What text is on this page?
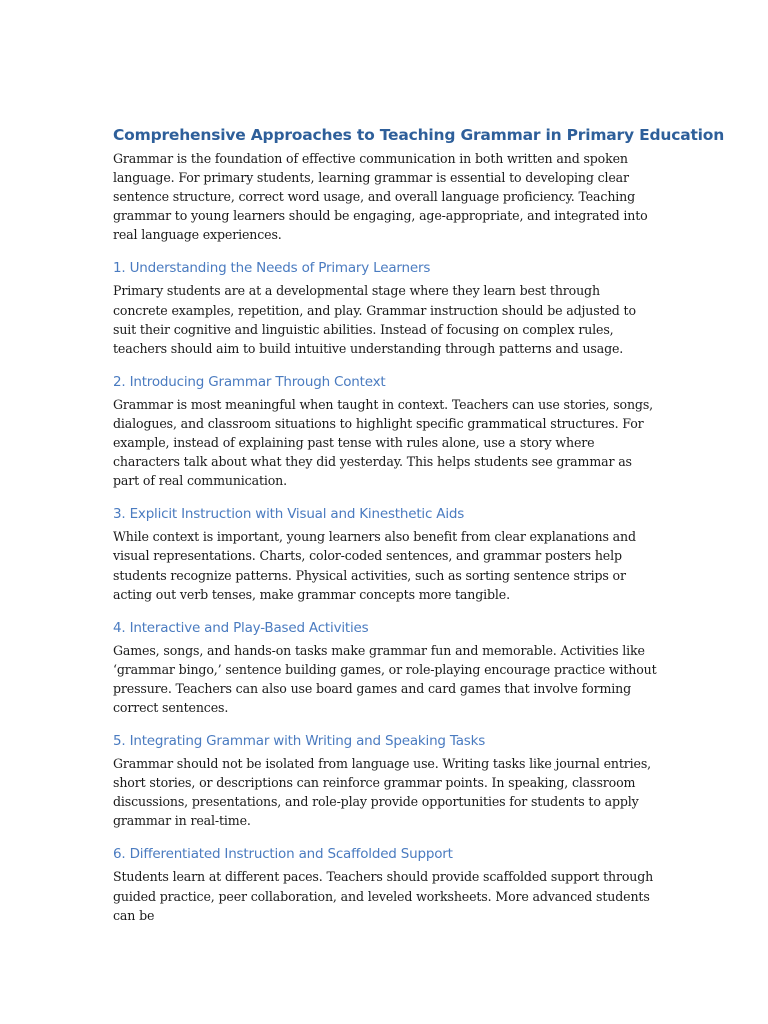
Comprehensive Approaches to Teaching Grammar in Primary Education

Grammar is the foundation of effective communication in both written and spoken language. For primary students, learning grammar is essential to developing clear sentence structure, correct word usage, and overall language proficiency. Teaching grammar to young learners should be engaging, age-appropriate, and integrated into real language experiences.

1. Understanding the Needs of Primary Learners

Primary students are at a developmental stage where they learn best through concrete examples, repetition, and play. Grammar instruction should be adjusted to suit their cognitive and linguistic abilities. Instead of focusing on complex rules, teachers should aim to build intuitive understanding through patterns and usage.

2. Introducing Grammar Through Context

Grammar is most meaningful when taught in context. Teachers can use stories, songs, dialogues, and classroom situations to highlight specific grammatical structures. For example, instead of explaining past tense with rules alone, use a story where characters talk about what they did yesterday. This helps students see grammar as part of real communication.

3. Explicit Instruction with Visual and Kinesthetic Aids

While context is important, young learners also benefit from clear explanations and visual representations. Charts, color-coded sentences, and grammar posters help students recognize patterns. Physical activities, such as sorting sentence strips or acting out verb tenses, make grammar concepts more tangible.

4. Interactive and Play-Based Activities

Games, songs, and hands-on tasks make grammar fun and memorable. Activities like ‘grammar bingo,’ sentence building games, or role-playing encourage practice without pressure. Teachers can also use board games and card games that involve forming correct sentences.

5. Integrating Grammar with Writing and Speaking Tasks

Grammar should not be isolated from language use. Writing tasks like journal entries, short stories, or descriptions can reinforce grammar points. In speaking, classroom discussions, presentations, and role-play provide opportunities for students to apply grammar in real-time.

6. Differentiated Instruction and Scaffolded Support

Students learn at different paces. Teachers should provide scaffolded support through guided practice, peer collaboration, and leveled worksheets. More advanced students can be
